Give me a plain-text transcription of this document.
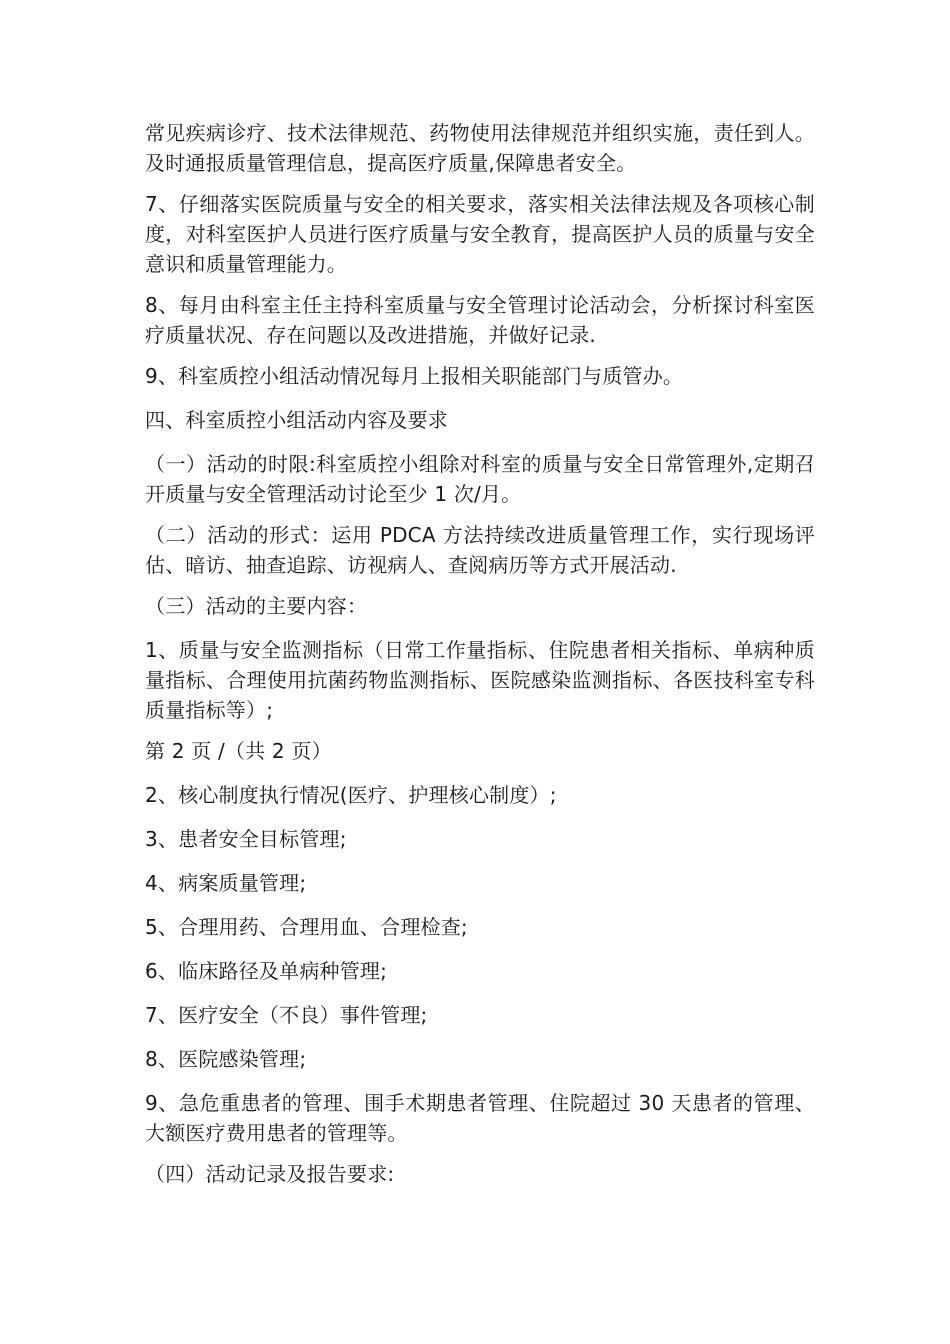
常见疾病诊疗、技术法律规范、药物使用法律规范并组织实施，责任到人。及时通报质量管理信息，提高医疗质量,保障患者安全。

7、仔细落实医院质量与安全的相关要求，落实相关法律法规及各项核心制度，对科室医护人员进行医疗质量与安全教育，提高医护人员的质量与安全意识和质量管理能力。

8、每月由科室主任主持科室质量与安全管理讨论活动会，分析探讨科室医疗质量状况、存在问题以及改进措施，并做好记录.

9、科室质控小组活动情况每月上报相关职能部门与质管办。

四、科室质控小组活动内容及要求

（一）活动的时限:科室质控小组除对科室的质量与安全日常管理外,定期召开质量与安全管理活动讨论至少 1 次/月。

（二）活动的形式：运用 PDCA 方法持续改进质量管理工作，实行现场评估、暗访、抽查追踪、访视病人、查阅病历等方式开展活动.

（三）活动的主要内容：

1、质量与安全监测指标（日常工作量指标、住院患者相关指标、单病种质量指标、合理使用抗菌药物监测指标、医院感染监测指标、各医技科室专科质量指标等）;

第 2 页 /（共 2 页）

2、核心制度执行情况(医疗、护理核心制度）;

3、患者安全目标管理;

4、病案质量管理;

5、合理用药、合理用血、合理检查;

6、临床路径及单病种管理;

7、医疗安全（不良）事件管理;

8、医院感染管理;

9、急危重患者的管理、围手术期患者管理、住院超过 30 天患者的管理、大额医疗费用患者的管理等。

（四）活动记录及报告要求:
